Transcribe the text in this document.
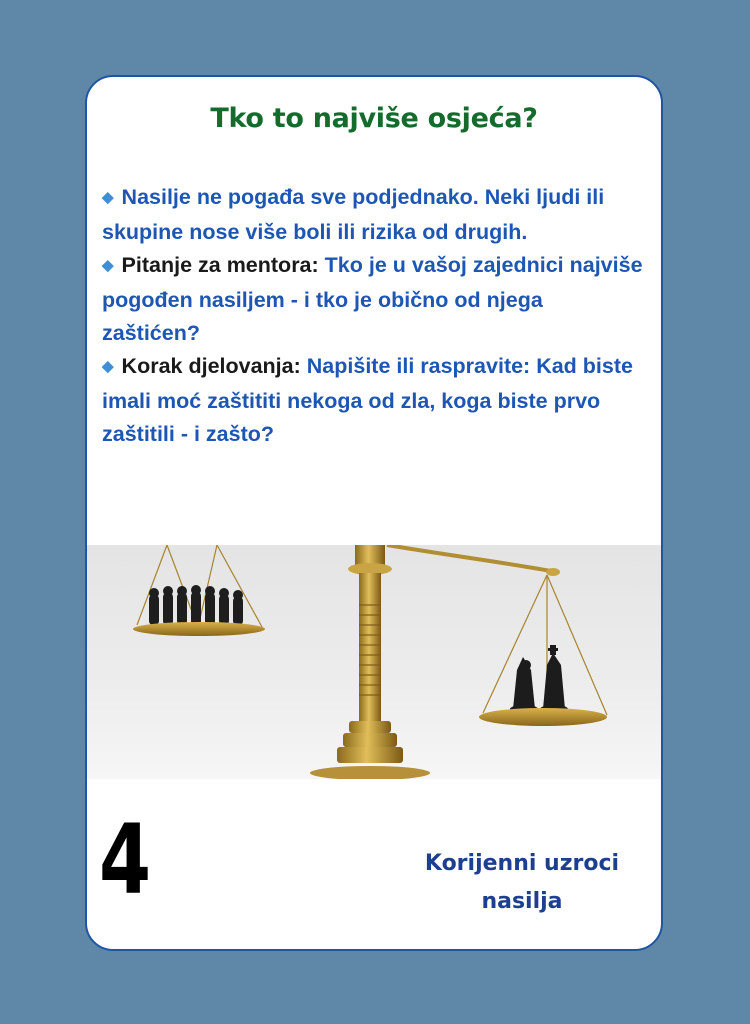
Tko to najviše osjeća?

◆ Nasilje ne pogađa sve podjednako. Neki ljudi ili skupine nose više boli ili rizika od drugih.

◆ Pitanje za mentora: Tko je u vašoj zajednici najviše pogođen nasiljem - i tko je obično od njega zaštićen?

◆ Korak djelovanja: Napišite ili raspravite: Kad biste imali moć zaštititi nekoga od zla, koga biste prvo zaštitili - i zašto?

4	Korijenni uzroci nasilja
